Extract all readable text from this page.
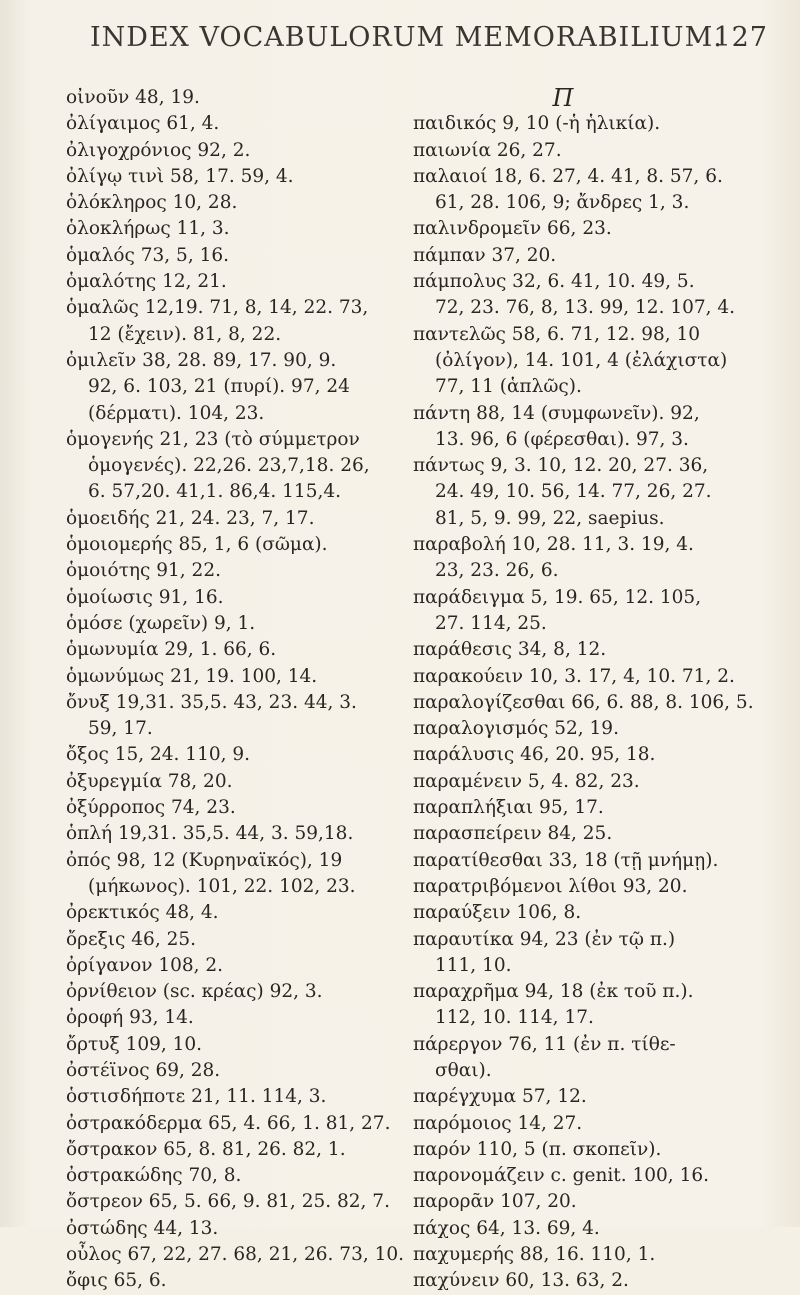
INDEX VOCABULORUM MEMORABILIUM.
127
οἰνοῦν 48, 19.
ὀλίγαιμος 61, 4.
ὀλιγοχρόνιος 92, 2.
ὀλίγῳ τινὶ 58, 17. 59, 4.
ὁλόκληρος 10, 28.
ὁλοκλήρως 11, 3.
ὁμαλός 73, 5, 16.
ὁμαλότης 12, 21.
ὁμαλῶς 12,19. 71, 8, 14, 22. 73,
12 (ἔχειν). 81, 8, 22.
ὁμιλεῖν 38, 28. 89, 17. 90, 9.
92, 6. 103, 21 (πυρί). 97, 24
(δέρματι). 104, 23.
ὁμογενής 21, 23 (τὸ σύμμετρον
ὁμογενές). 22,26. 23,7,18. 26,
6. 57,20. 41,1. 86,4. 115,4.
ὁμοειδής 21, 24. 23, 7, 17.
ὁμοιομερής 85, 1, 6 (σῶμα).
ὁμοιότης 91, 22.
ὁμοίωσις 91, 16.
ὁμόσε (χωρεῖν) 9, 1.
ὁμωνυμία 29, 1. 66, 6.
ὁμωνύμως 21, 19. 100, 14.
ὄνυξ 19,31. 35,5. 43, 23. 44, 3.
59, 17.
ὄξος 15, 24. 110, 9.
ὀξυρεγμία 78, 20.
ὀξύρροπος 74, 23.
ὁπλή 19,31. 35,5. 44, 3. 59,18.
ὀπός 98, 12 (Κυρηναϊκός), 19
(μήκωνος). 101, 22. 102, 23.
ὀρεκτικός 48, 4.
ὄρεξις 46, 25.
ὀρίγανον 108, 2.
ὀρνίθειον (sc. κρέας) 92, 3.
ὀροφή 93, 14.
ὄρτυξ 109, 10.
ὀστέϊνος 69, 28.
ὁστισδήποτε 21, 11. 114, 3.
ὀστρακόδερμα 65, 4. 66, 1. 81, 27.
ὄστρακον 65, 8. 81, 26. 82, 1.
ὀστρακώδης 70, 8.
ὄστρεον 65, 5. 66, 9. 81, 25. 82, 7.
ὀστώδης 44, 13.
οὖλος 67, 22, 27. 68, 21, 26. 73, 10.
ὄφις 65, 6.
Π
παιδικός 9, 10 (-ἡ ἡλικία).
παιωνία 26, 27.
παλαιοί 18, 6. 27, 4. 41, 8. 57, 6.
61, 28. 106, 9; ἄνδρες 1, 3.
παλινδρομεῖν 66, 23.
πάμπαν 37, 20.
πάμπολυς 32, 6. 41, 10. 49, 5.
72, 23. 76, 8, 13. 99, 12. 107, 4.
παντελῶς 58, 6. 71, 12. 98, 10
(ὀλίγον), 14. 101, 4 (ἐλάχιστα)
77, 11 (ἁπλῶς).
πάντη 88, 14 (συμφωνεῖν). 92,
13. 96, 6 (φέρεσθαι). 97, 3.
πάντως 9, 3. 10, 12. 20, 27. 36,
24. 49, 10. 56, 14. 77, 26, 27.
81, 5, 9. 99, 22, saepius.
παραβολή 10, 28. 11, 3. 19, 4.
23, 23. 26, 6.
παράδειγμα 5, 19. 65, 12. 105,
27. 114, 25.
παράθεσις 34, 8, 12.
παρακούειν 10, 3. 17, 4, 10. 71, 2.
παραλογίζεσθαι 66, 6. 88, 8. 106, 5.
παραλογισμός 52, 19.
παράλυσις 46, 20. 95, 18.
παραμένειν 5, 4. 82, 23.
παραπλήξιαι 95, 17.
παρασπείρειν 84, 25.
παρατίθεσθαι 33, 18 (τῇ μνήμῃ).
παρατριβόμενοι λίθοι 93, 20.
παραύξειν 106, 8.
παραυτίκα 94, 23 (ἐν τῷ π.)
111, 10.
παραχρῆμα 94, 18 (ἐκ τοῦ π.).
112, 10. 114, 17.
πάρεργον 76, 11 (ἐν π. τίθε-
σθαι).
παρέγχυμα 57, 12.
παρόμοιος 14, 27.
παρόν 110, 5 (π. σκοπεῖν).
παρονομάζειν c. genit. 100, 16.
παρορᾶν 107, 20.
πάχος 64, 13. 69, 4.
παχυμερής 88, 16. 110, 1.
παχύνειν 60, 13. 63, 2.
